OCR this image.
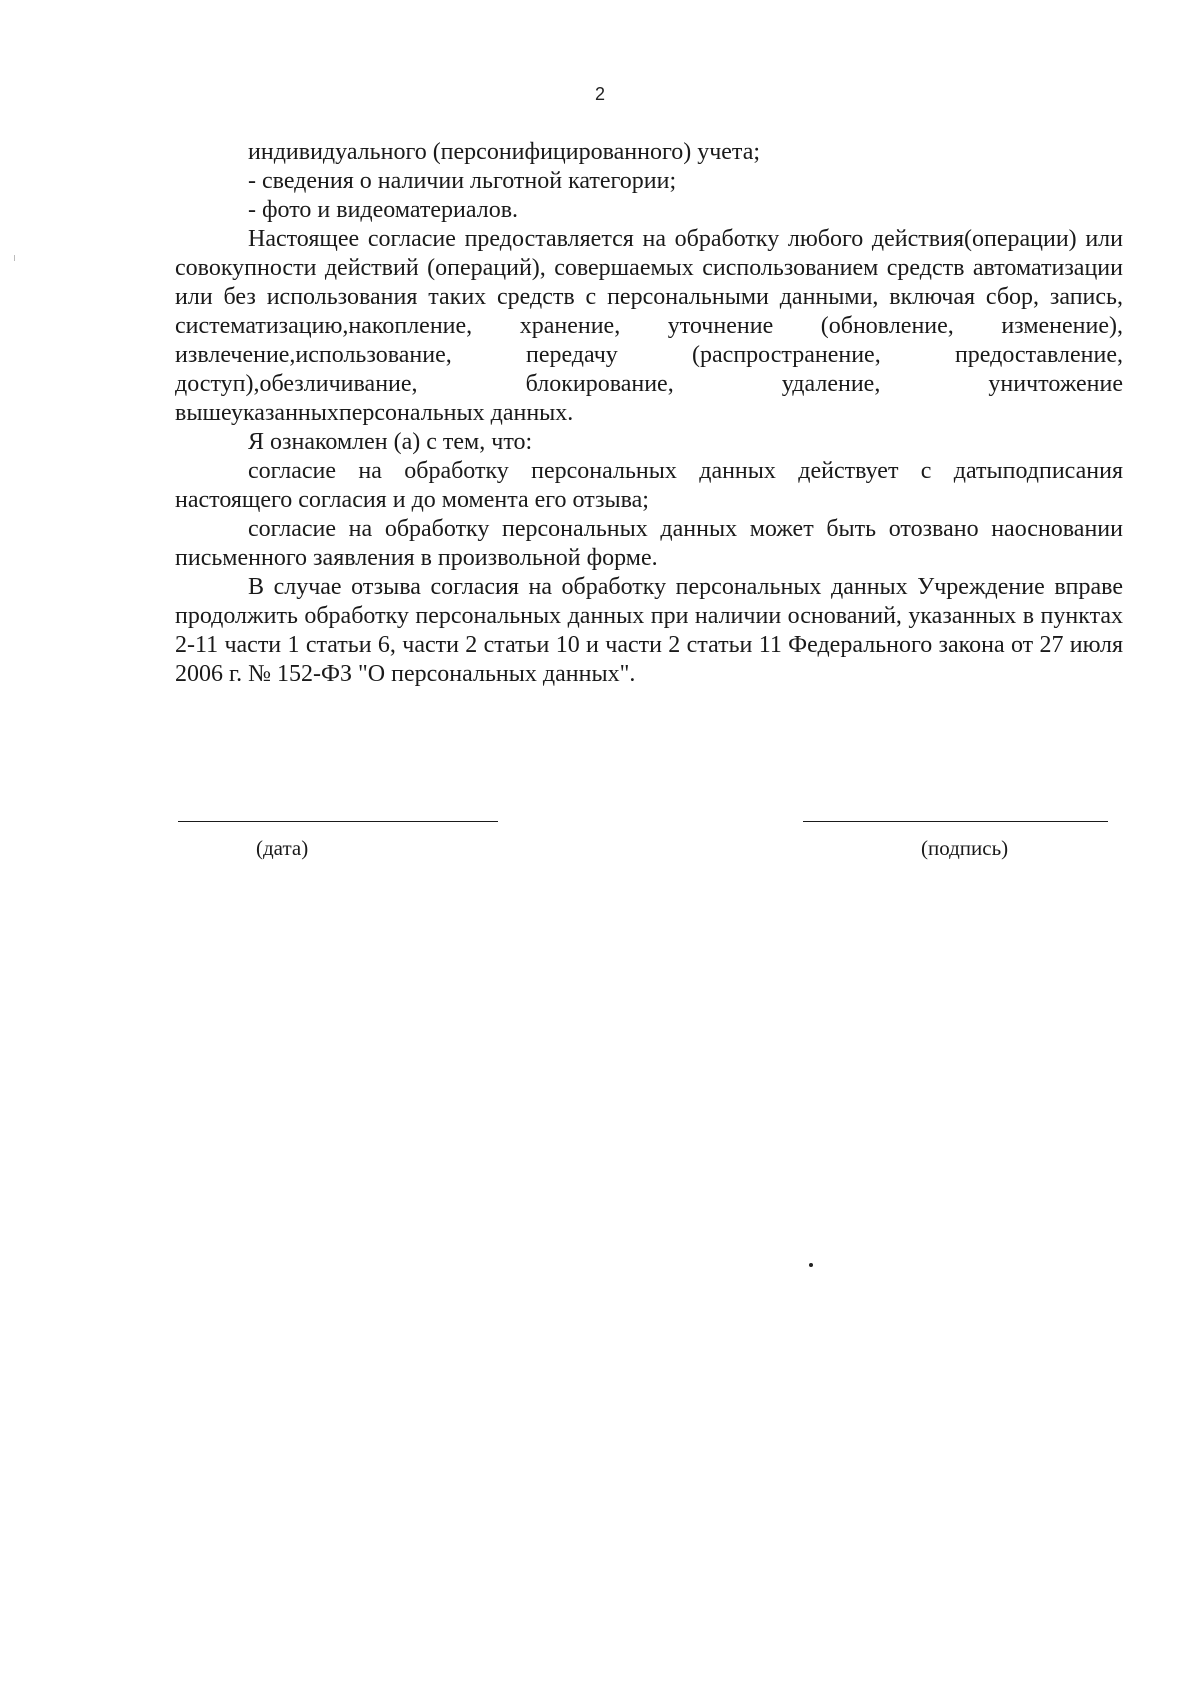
2

индивидуального (персонифицированного) учета;

- сведения о наличии льготной категории;

- фото и видеоматериалов.

Настоящее согласие предоставляется на обработку любого действия(операции) или совокупности действий (операций), совершаемых сиспользованием средств автоматизации или без использования таких средств с персональными данными, включая сбор, запись, систематизацию,накопление, хранение, уточнение (обновление, изменение), извлечение,использование, передачу (распространение, предоставление, доступ),обезличивание, блокирование, удаление, уничтожение вышеуказанныхперсональных данных.

Я ознакомлен (а) с тем, что:

согласие на обработку персональных данных действует с датыподписания настоящего согласия и до момента его отзыва;

согласие на обработку персональных данных может быть отозвано наосновании письменного заявления в произвольной форме.

В случае отзыва согласия на обработку персональных данных Учреждение вправе продолжить обработку персональных данных при наличии оснований, указанных в пунктах 2-11 части 1 статьи 6, части 2 статьи 10 и части 2 статьи 11 Федерального закона от 27 июля 2006 г. № 152-ФЗ "О персональных данных".

(дата)	(подпись)
